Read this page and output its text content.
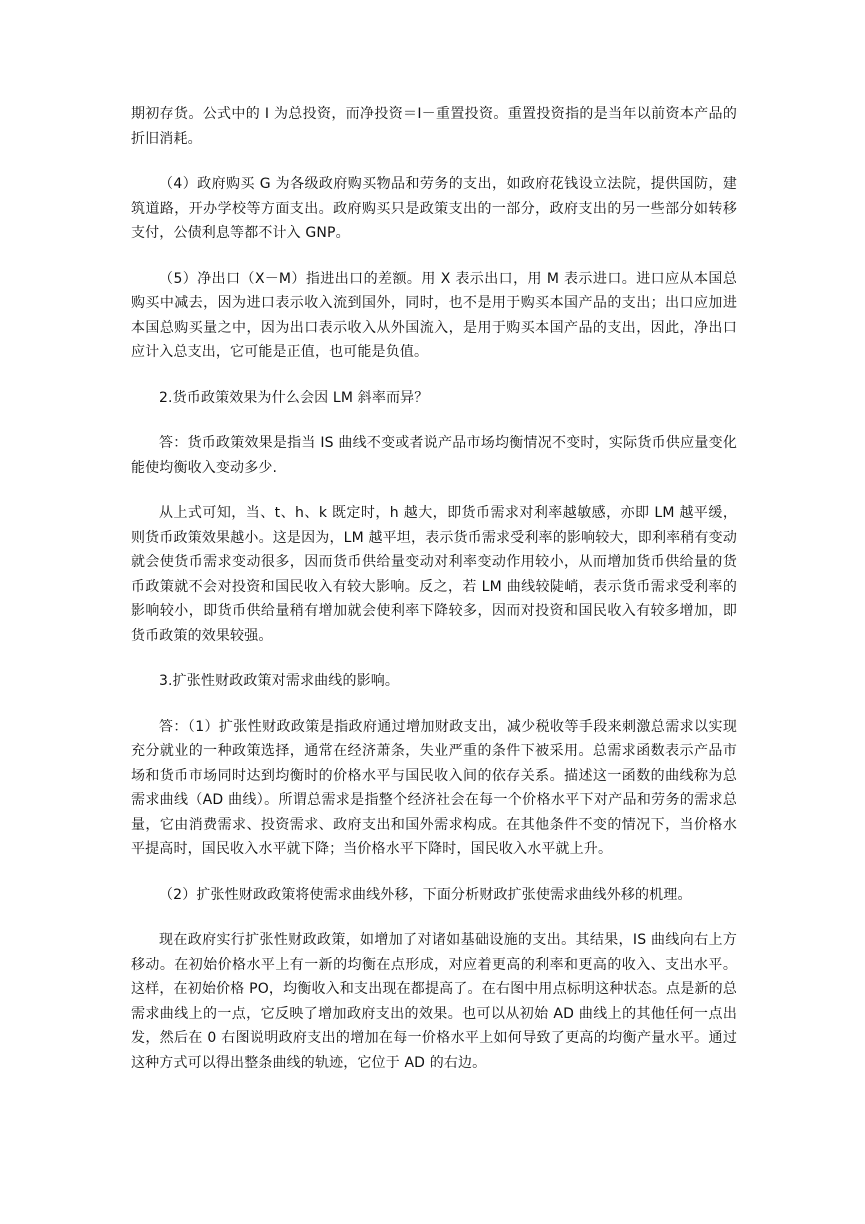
期初存货。公式中的 I 为总投资，而净投资＝I－重置投资。重置投资指的是当年以前资本产品的折旧消耗。

（4）政府购买 G 为各级政府购买物品和劳务的支出，如政府花钱设立法院，提供国防，建筑道路，开办学校等方面支出。政府购买只是政策支出的一部分，政府支出的另一些部分如转移支付，公债利息等都不计入 GNP。

（5）净出口（X－M）指进出口的差额。用 X 表示出口，用 M 表示进口。进口应从本国总购买中减去，因为进口表示收入流到国外，同时，也不是用于购买本国产品的支出；出口应加进本国总购买量之中，因为出口表示收入从外国流入，是用于购买本国产品的支出，因此，净出口应计入总支出，它可能是正值，也可能是负值。

2.货币政策效果为什么会因 LM 斜率而异？

答：货币政策效果是指当 IS 曲线不变或者说产品市场均衡情况不变时，实际货币供应量变化能使均衡收入变动多少.

从上式可知，当、t、h、k 既定时，h 越大，即货币需求对利率越敏感，亦即 LM 越平缓，则货币政策效果越小。这是因为，LM 越平坦，表示货币需求受利率的影响较大，即利率稍有变动就会使货币需求变动很多，因而货币供给量变动对利率变动作用较小，从而增加货币供给量的货币政策就不会对投资和国民收入有较大影响。反之，若 LM 曲线较陡峭，表示货币需求受利率的影响较小，即货币供给量稍有增加就会使利率下降较多，因而对投资和国民收入有较多增加，即货币政策的效果较强。

3.扩张性财政政策对需求曲线的影响。

答：（1）扩张性财政政策是指政府通过增加财政支出，减少税收等手段来刺激总需求以实现充分就业的一种政策选择，通常在经济萧条，失业严重的条件下被采用。总需求函数表示产品市场和货币市场同时达到均衡时的价格水平与国民收入间的依存关系。描述这一函数的曲线称为总需求曲线（AD 曲线）。所谓总需求是指整个经济社会在每一个价格水平下对产品和劳务的需求总量，它由消费需求、投资需求、政府支出和国外需求构成。在其他条件不变的情况下，当价格水平提高时，国民收入水平就下降；当价格水平下降时，国民收入水平就上升。

（2）扩张性财政政策将使需求曲线外移，下面分析财政扩张使需求曲线外移的机理。

现在政府实行扩张性财政政策，如增加了对诸如基础设施的支出。其结果，IS 曲线向右上方移动。在初始价格水平上有一新的均衡在点形成，对应着更高的利率和更高的收入、支出水平。这样，在初始价格 PO，均衡收入和支出现在都提高了。在右图中用点标明这种状态。点是新的总需求曲线上的一点，它反映了增加政府支出的效果。也可以从初始 AD 曲线上的其他任何一点出发，然后在 0 右图说明政府支出的增加在每一价格水平上如何导致了更高的均衡产量水平。通过这种方式可以得出整条曲线的轨迹，它位于 AD 的右边。
